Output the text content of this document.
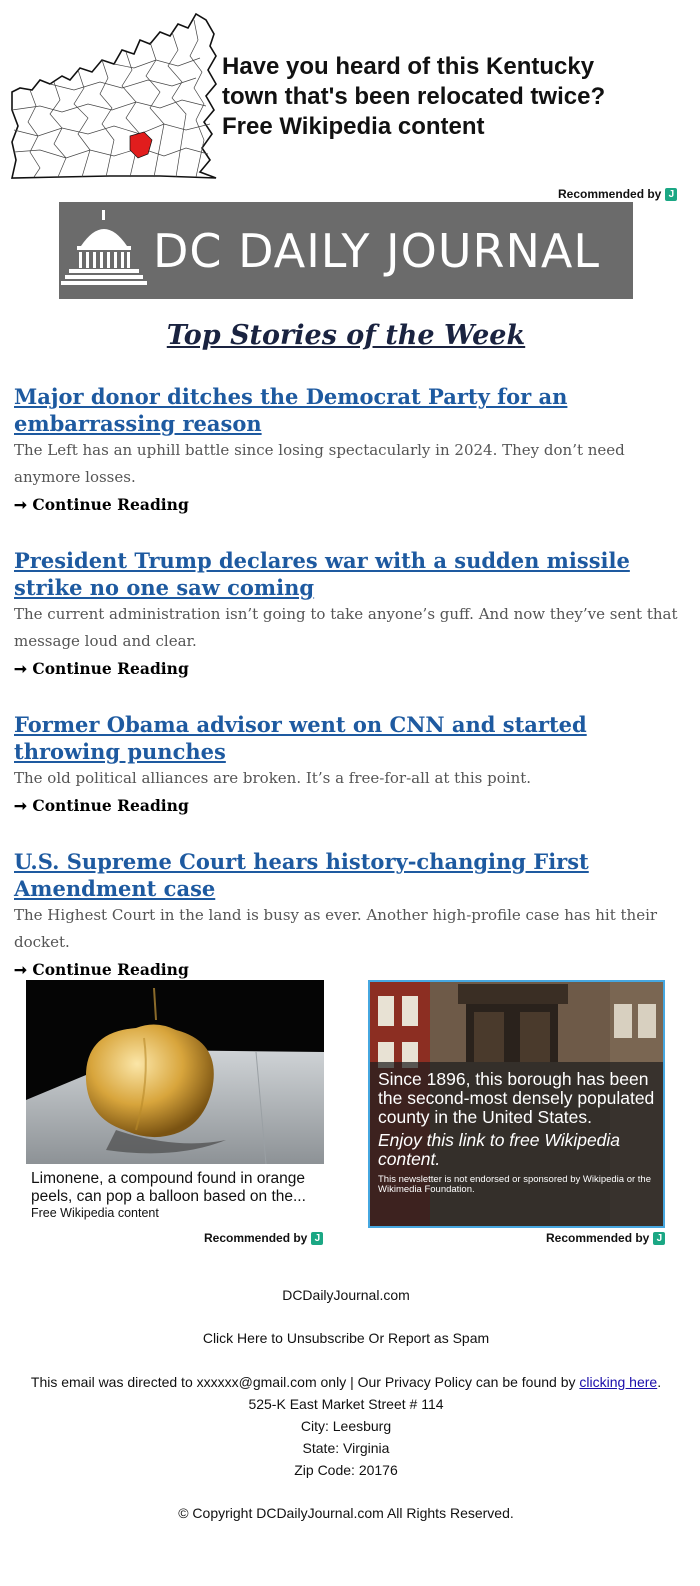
Have you heard of this Kentucky
town that's been relocated twice?
Free Wikipedia content
Recommended by J
DC DAILY JOURNAL
Top Stories of the Week
Major donor ditches the Democrat Party for an embarrassing reason
The Left has an uphill battle since losing spectacularly in 2024. They don’t need anymore losses.
➞ Continue Reading
President Trump declares war with a sudden missile strike no one saw coming
The current administration isn’t going to take anyone’s guff. And now they’ve sent that message loud and clear.
➞ Continue Reading
Former Obama advisor went on CNN and started throwing punches
The old political alliances are broken. It’s a free-for-all at this point.
➞ Continue Reading
U.S. Supreme Court hears history-changing First Amendment case
The Highest Court in the land is busy as ever. Another high-profile case has hit their docket.
➞ Continue Reading
Limonene, a compound found in orange peels, can pop a balloon based on the...
Free Wikipedia content
Recommended by J
Since 1896, this borough has been the second-most densely populated county in the United States.
Enjoy this link to free Wikipedia content.
This newsletter is not endorsed or sponsored by Wikipedia or the Wikimedia Foundation.
Recommended by J
DCDailyJournal.com
Click Here to Unsubscribe Or Report as Spam
This email was directed to xxxxxx@gmail.com only | Our Privacy Policy can be found by clicking here.
525-K East Market Street # 114
City: Leesburg
State: Virginia
Zip Code: 20176
© Copyright DCDailyJournal.com All Rights Reserved.
